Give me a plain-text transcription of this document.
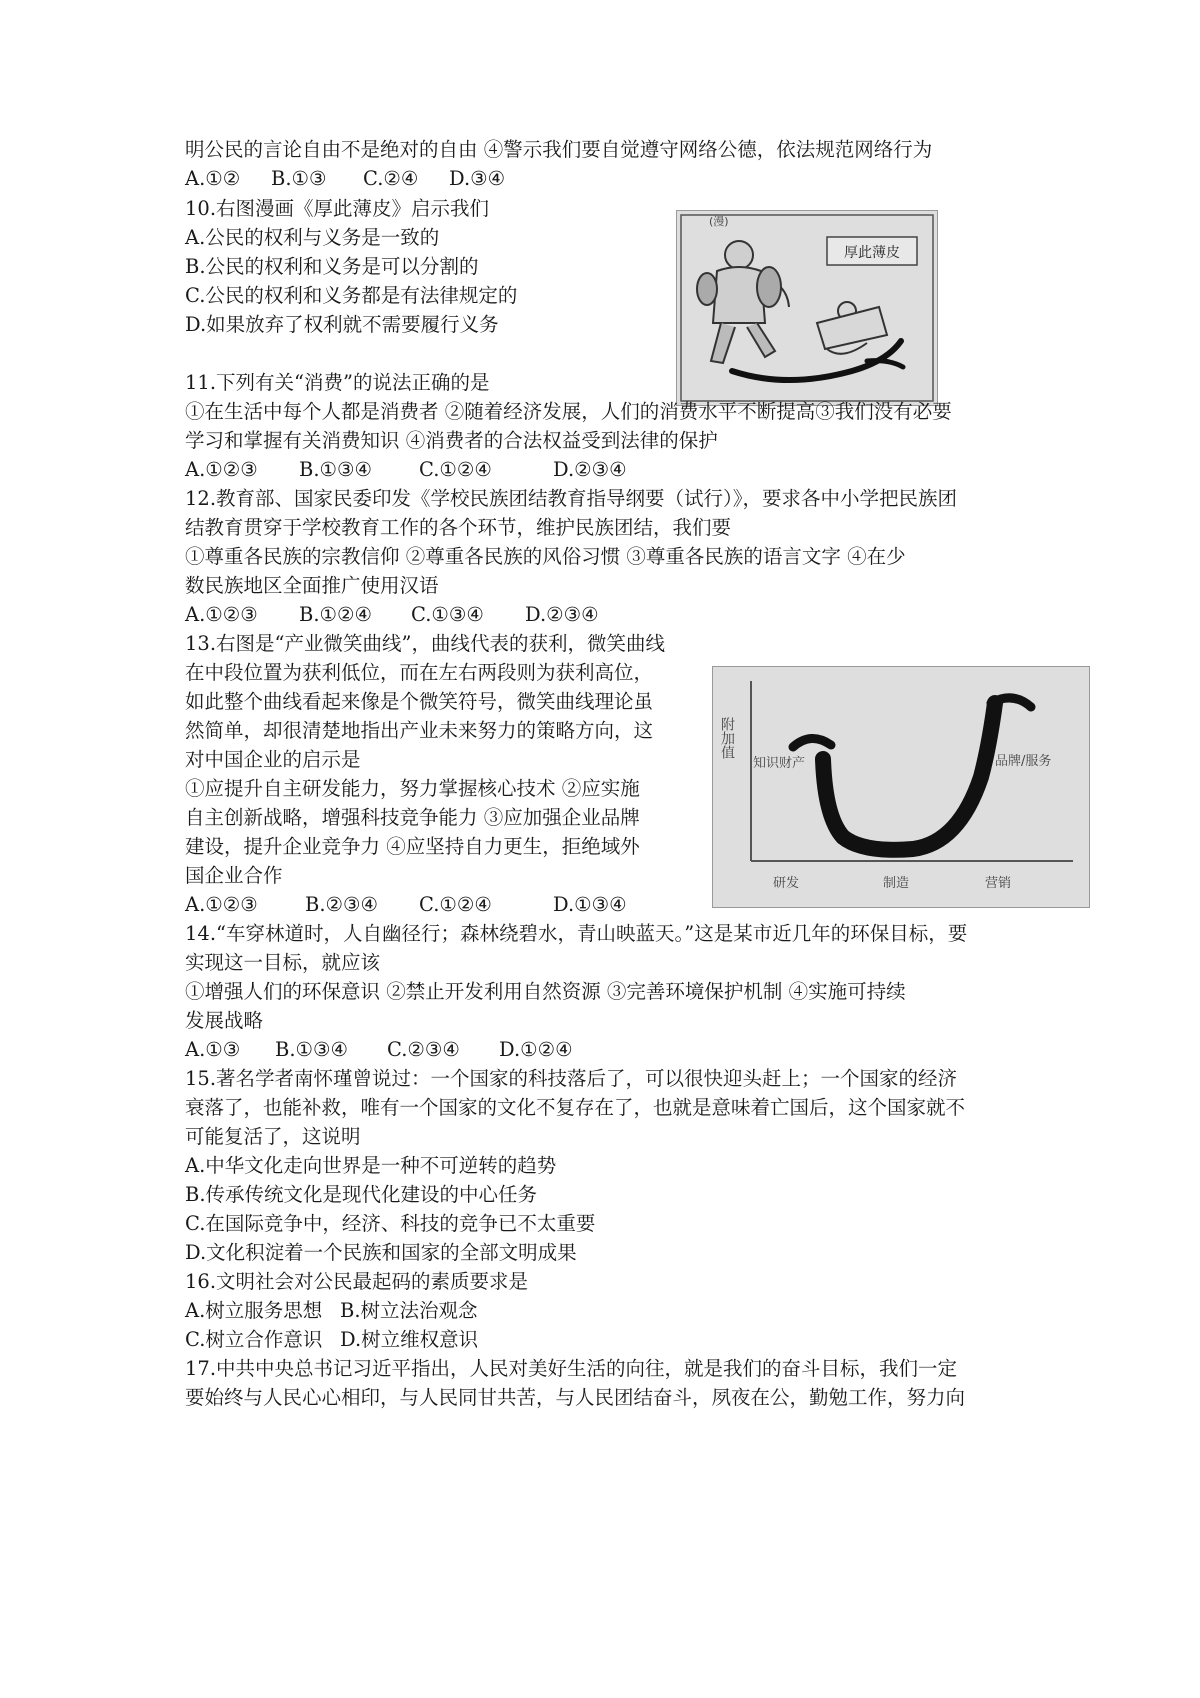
明公民的言论自由不是绝对的自由 ④警示我们要自觉遵守网络公德，依法规范网络行为
A.①② B.①③ C.②④ D.③④
10.右图漫画《厚此薄皮》启示我们
A.公民的权利与义务是一致的
B.公民的权利和义务是可以分割的
C.公民的权利和义务都是有法律规定的
D.如果放弃了权利就不需要履行义务
厚此薄皮
(漫)
11.下列有关“消费”的说法正确的是
①在生活中每个人都是消费者 ②随着经济发展，人们的消费水平不断提高③我们没有必要
学习和掌握有关消费知识 ④消费者的合法权益受到法律的保护
A.①②③ B.①③④ C.①②④	D.②③④
12.教育部、国家民委印发《学校民族团结教育指导纲要（试行）》，要求各中小学把民族团
结教育贯穿于学校教育工作的各个环节，维护民族团结，我们要
①尊重各民族的宗教信仰 ②尊重各民族的风俗习惯 ③尊重各民族的语言文字 ④在少
数民族地区全面推广使用汉语
A.①②③ B.①②④ C.①③④ D.②③④
13.右图是“产业微笑曲线”，曲线代表的获利，微笑曲线
在中段位置为获利低位，而在左右两段则为获利高位，
如此整个曲线看起来像是个微笑符号，微笑曲线理论虽
然简单，却很清楚地指出产业未来努力的策略方向，这
对中国企业的启示是
①应提升自主研发能力，努力掌握核心技术 ②应实施
自主创新战略，增强科技竞争能力 ③应加强企业品牌
建设，提升企业竞争力 ④应坚持自力更生，拒绝域外
国企业合作
A.①②③ B.②③④ C.①②④	D.①③④
附加值
知识财产	品牌/服务
研发	制造	营销
14.“车穿林道时，人自幽径行；森林绕碧水，青山映蓝天。”这是某市近几年的环保目标，要
实现这一目标，就应该
①增强人们的环保意识 ②禁止开发利用自然资源 ③完善环境保护机制 ④实施可持续
发展战略
A.①③ B.①③④ C.②③④ D.①②④
15.著名学者南怀瑾曾说过：一个国家的科技落后了，可以很快迎头赶上；一个国家的经济
衰落了，也能补救，唯有一个国家的文化不复存在了，也就是意味着亡国后，这个国家就不
可能复活了，这说明
A.中华文化走向世界是一种不可逆转的趋势
B.传承传统文化是现代化建设的中心任务
C.在国际竞争中，经济、科技的竞争已不太重要
D.文化积淀着一个民族和国家的全部文明成果
16.文明社会对公民最起码的素质要求是
A.树立服务思想 B.树立法治观念
C.树立合作意识 D.树立维权意识
17.中共中央总书记习近平指出，人民对美好生活的向往，就是我们的奋斗目标，我们一定
要始终与人民心心相印，与人民同甘共苦，与人民团结奋斗，夙夜在公，勤勉工作，努力向
